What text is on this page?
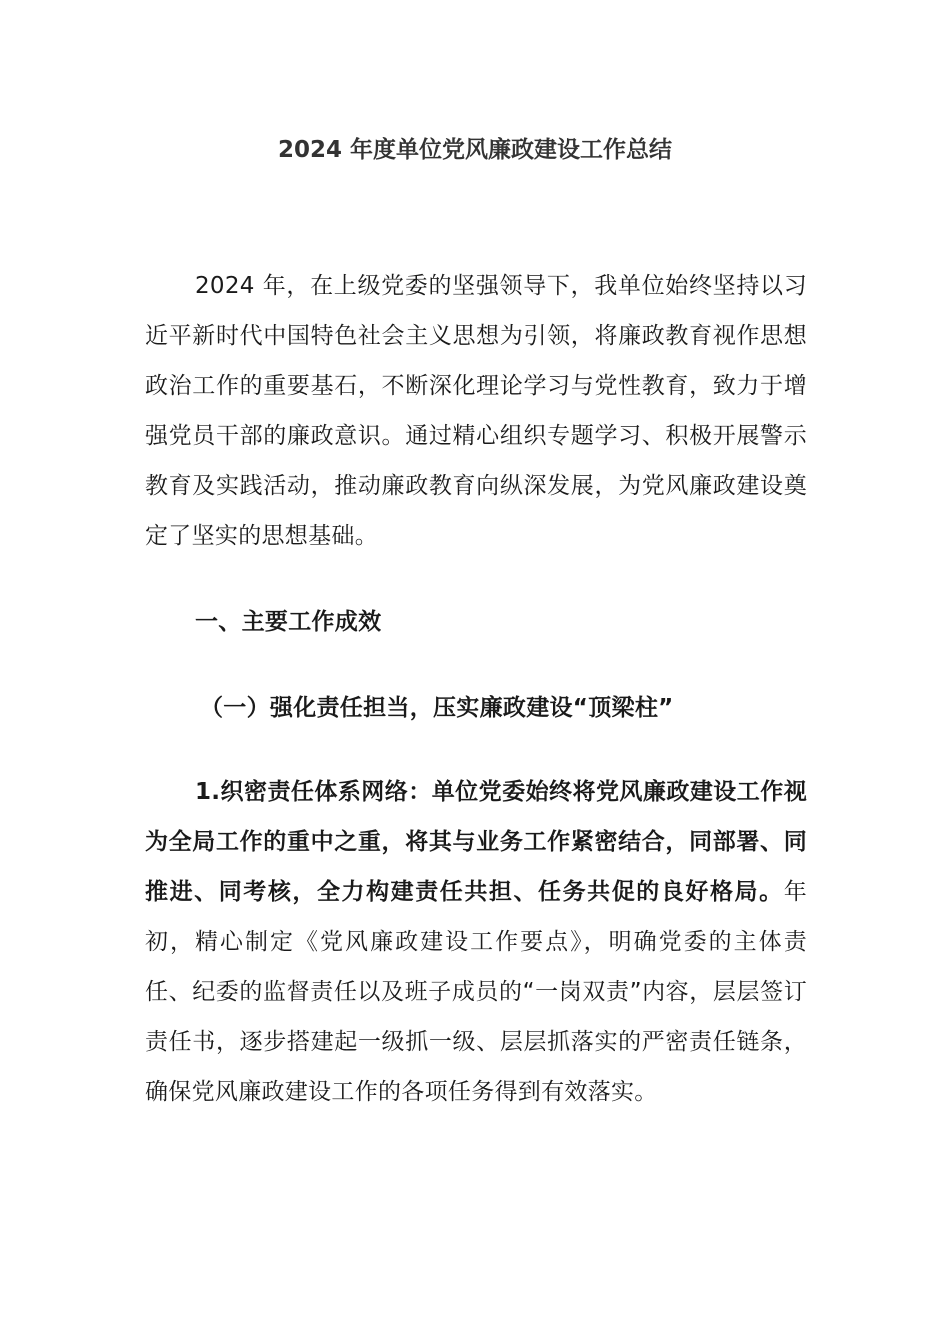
2024 年度单位党风廉政建设工作总结

2024 年，在上级党委的坚强领导下，我单位始终坚持以习近平新时代中国特色社会主义思想为引领，将廉政教育视作思想政治工作的重要基石，不断深化理论学习与党性教育，致力于增强党员干部的廉政意识。通过精心组织专题学习、积极开展警示教育及实践活动，推动廉政教育向纵深发展，为党风廉政建设奠定了坚实的思想基础。

一、主要工作成效

（一）强化责任担当，压实廉政建设“顶梁柱”

1.织密责任体系网络：单位党委始终将党风廉政建设工作视为全局工作的重中之重，将其与业务工作紧密结合，同部署、同推进、同考核，全力构建责任共担、任务共促的良好格局。年初，精心制定《党风廉政建设工作要点》，明确党委的主体责任、纪委的监督责任以及班子成员的“一岗双责”内容，层层签订责任书，逐步搭建起一级抓一级、层层抓落实的严密责任链条，确保党风廉政建设工作的各项任务得到有效落实。
